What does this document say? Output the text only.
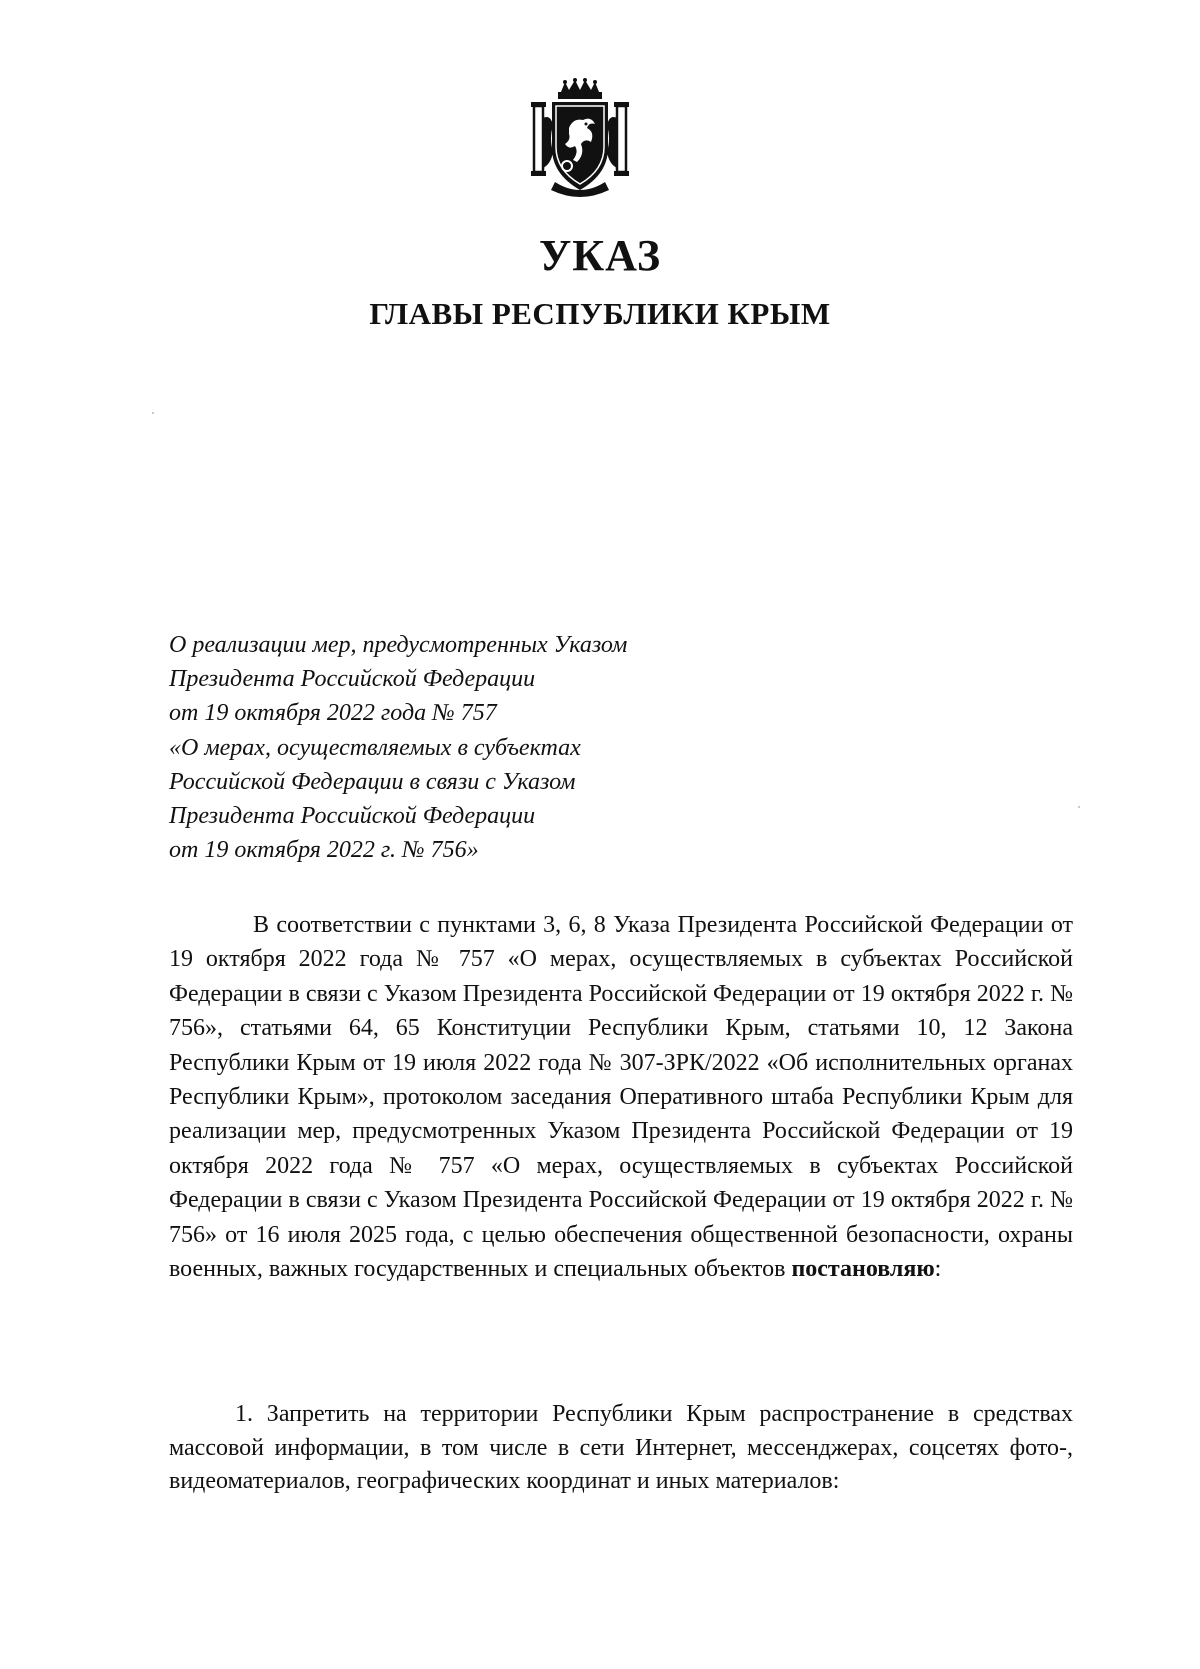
УКАЗ
ГЛАВЫ РЕСПУБЛИКИ КРЫМ
О реализации мер, предусмотренных Указом
Президента Российской Федерации
от 19 октября 2022 года № 757
«О мерах, осуществляемых в субъектах
Российской Федерации в связи с Указом
Президента Российской Федерации
от 19 октября 2022 г. № 756»

В соответствии с пунктами 3, 6, 8 Указа Президента Российской Федерации от 19 октября 2022 года № 757 «О мерах, осуществляемых в субъектах Российской Федерации в связи с Указом Президента Российской Федерации от 19 октября 2022 г. № 756», статьями 64, 65 Конституции Республики Крым, статьями 10, 12 Закона Республики Крым от 19 июля 2022 года № 307-ЗРК/2022 «Об исполнительных органах Республики Крым», протоколом заседания Оперативного штаба Республики Крым для реализации мер, предусмотренных Указом Президента Российской Федерации от 19 октября 2022 года № 757 «О мерах, осуществляемых в субъектах Российской Федерации в связи с Указом Президента Российской Федерации от 19 октября 2022 г. № 756» от 16 июля 2025 года, с целью обеспечения общественной безопасности, охраны военных, важных государственных и специальных объектов постановляю:

1. Запретить на территории Республики Крым распространение в средствах массовой информации, в том числе в сети Интернет, мессенджерах, соцсетях фото-, видеоматериалов, географических координат и иных материалов:
